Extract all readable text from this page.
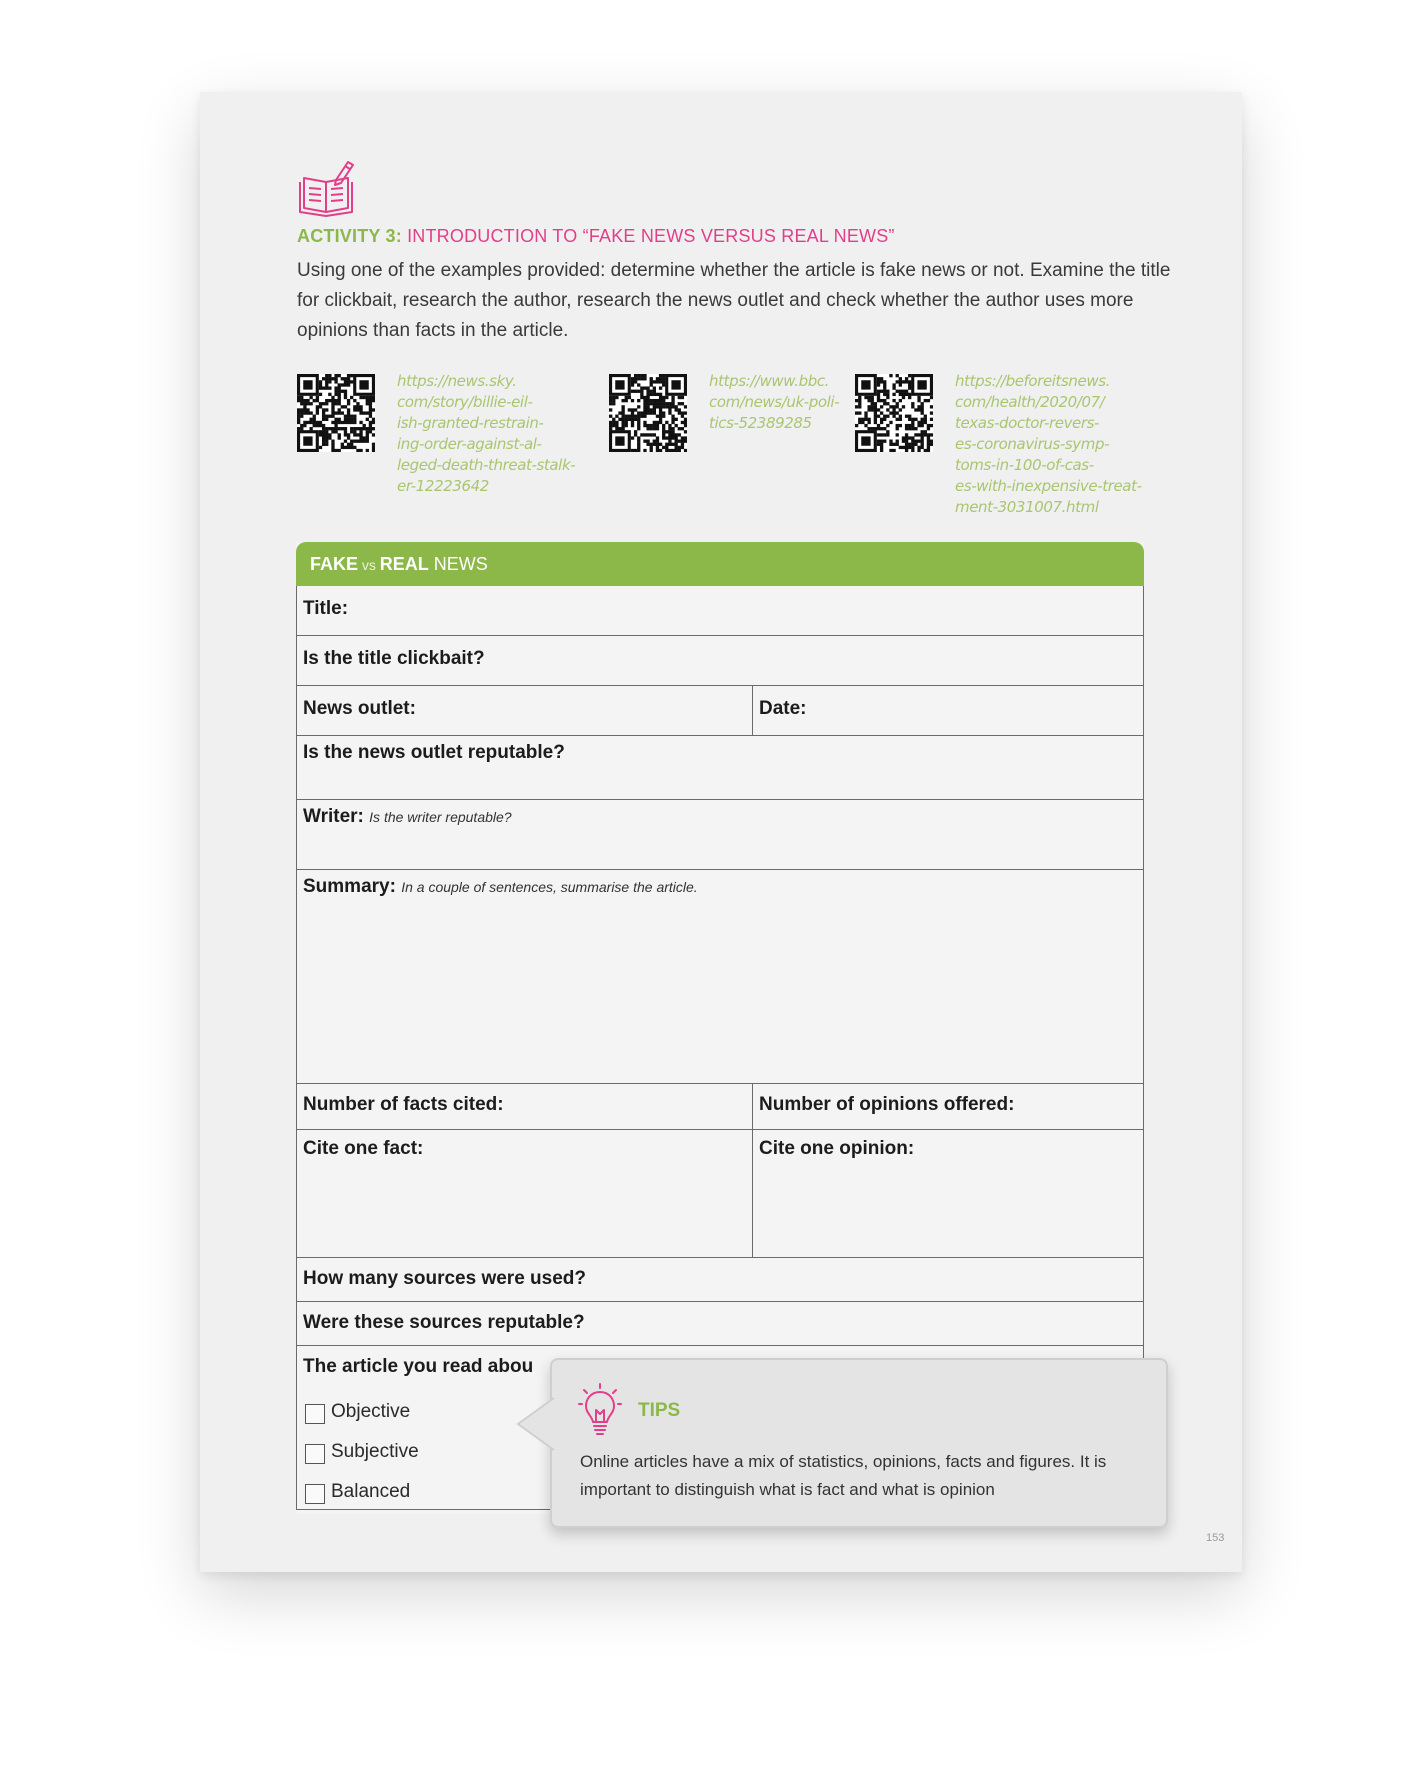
ACTIVITY 3: INTRODUCTION TO “FAKE NEWS VERSUS REAL NEWS”
Using one of the examples provided: determine whether the article is fake news or not. Examine the title for clickbait, research the author, research the news outlet and check whether the author uses more opinions than facts in the article.
https://news.sky.
com/story/billie-eil-
ish-granted-restrain-
ing-order-against-al-
leged-death-threat-stalk-
er-12223642
https://www.bbc.
com/news/uk-poli-
tics-52389285
https://beforeitsnews.
com/health/2020/07/
texas-doctor-revers-
es-coronavirus-symp-
toms-in-100-of-cas-
es-with-inexpensive-treat-
ment-3031007.html
FAKE vs REAL NEWS
Title:
Is the title clickbait?
News outlet:	Date:
Is the news outlet reputable?
Writer: Is the writer reputable?
Summary: In a couple of sentences, summarise the article.
Number of facts cited:	Number of opinions offered:
Cite one fact:	Cite one opinion:
How many sources were used?
Were these sources reputable?
The article you read abou
Objective
Subjective
Balanced
TIPS
Online articles have a mix of statistics, opinions, facts and figures. It is important to distinguish what is fact and what is opinion
153
